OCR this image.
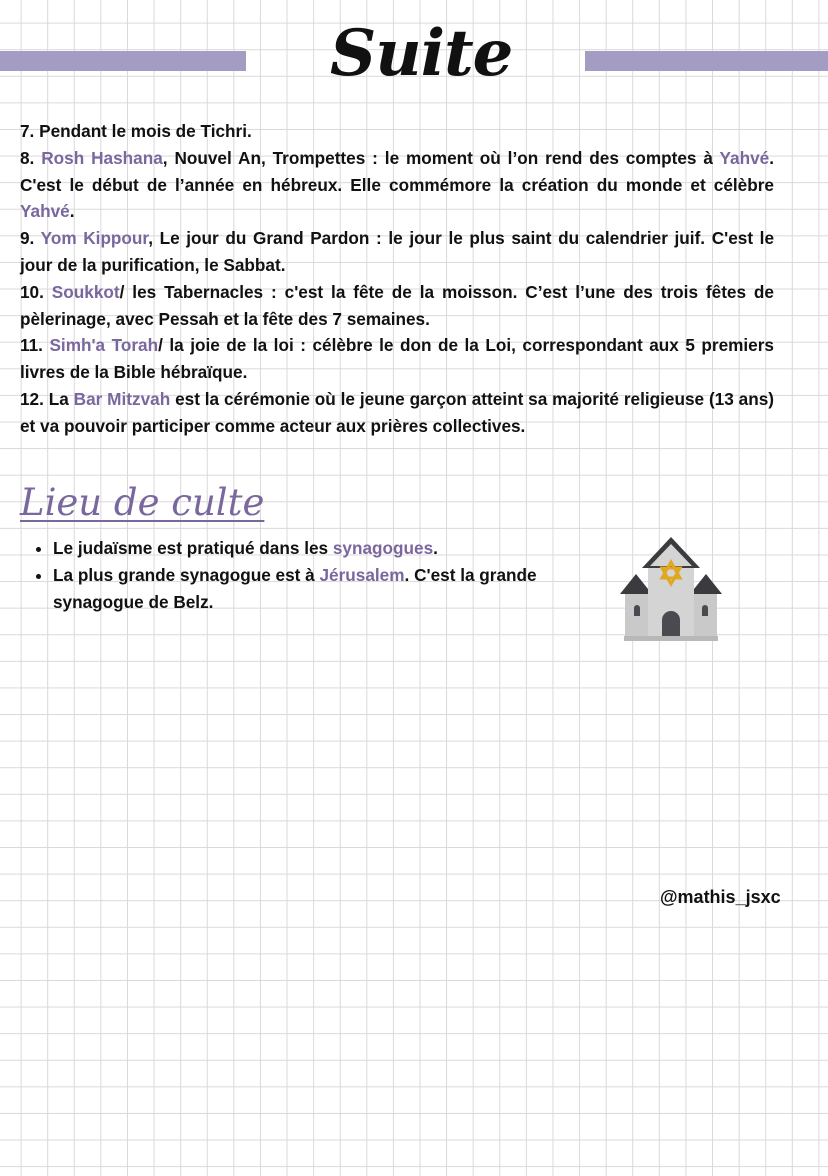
Suite

7. Pendant le mois de Tichri.

8. Rosh Hashana, Nouvel An, Trompettes : le moment où l’on rend des comptes à Yahvé. C'est le début de l’année en hébreux. Elle commémore la création du monde et célèbre Yahvé.

9. Yom Kippour, Le jour du Grand Pardon : le jour le plus saint du calendrier juif. C'est le jour de la purification, le Sabbat.

10. Soukkot/ les Tabernacles : c'est la fête de la moisson. C’est l’une des trois fêtes de pèlerinage, avec Pessah et la fête des 7 semaines.

11. Simh'a Torah/ la joie de la loi : célèbre le don de la Loi, correspondant aux 5 premiers livres de la Bible hébraïque.

12. La Bar Mitzvah est la cérémonie où le jeune garçon atteint sa majorité religieuse (13 ans) et va pouvoir participer comme acteur aux prières collectives.

Lieu de culte
• Le judaïsme est pratiqué dans les synagogues.
• La plus grande synagogue est à Jérusalem. C'est la grande synagogue de Belz.

@mathis_jsxc
